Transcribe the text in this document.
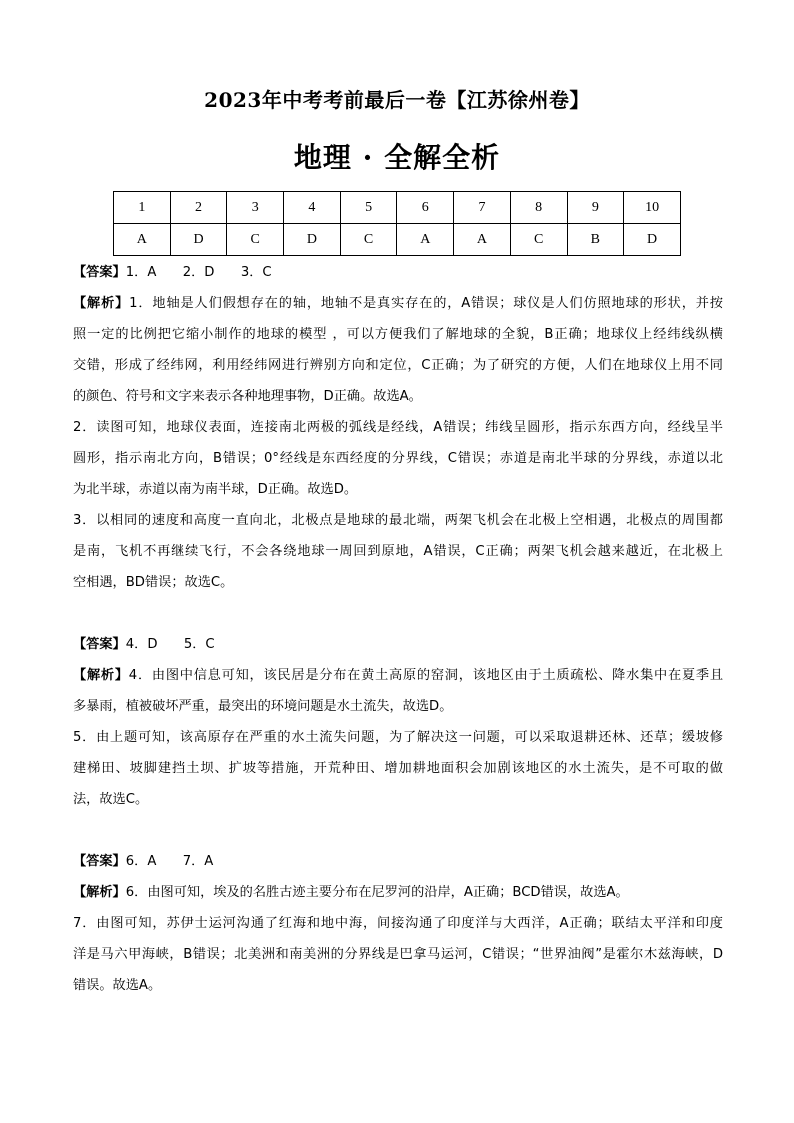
2023年中考考前最后一卷【江苏徐州卷】
地理 · 全解全析
1	2	3	4	5	6	7	8	9	10
A	D	C	D	C	A	A	C	B	D
【答案】1．A　　2．D　　3．C
【解析】1．地轴是人们假想存在的轴，地轴不是真实存在的，A错误；球仪是人们仿照地球的形状，并按
照一定的比例把它缩小制作的地球的模型 ，可以方便我们了解地球的全貌，B正确；地球仪上经纬线纵横
交错，形成了经纬网，利用经纬网进行辨别方向和定位，C正确；为了研究的方便，人们在地球仪上用不同
的颜色、符号和文字来表示各种地理事物，D正确。故选A。
2．读图可知，地球仪表面，连接南北两极的弧线是经线，A错误；纬线呈圆形，指示东西方向，经线呈半
圆形，指示南北方向，B错误；0°经线是东西经度的分界线，C错误；赤道是南北半球的分界线，赤道以北
为北半球，赤道以南为南半球，D正确。故选D。
3．以相同的速度和高度一直向北，北极点是地球的最北端，两架飞机会在北极上空相遇，北极点的周围都
是南，飞机不再继续飞行，不会各绕地球一周回到原地，A错误，C正确；两架飞机会越来越近，在北极上
空相遇，BD错误；故选C。
【答案】4．D　　5．C
【解析】4．由图中信息可知，该民居是分布在黄土高原的窑洞，该地区由于土质疏松、降水集中在夏季且
多暴雨，植被破坏严重，最突出的环境问题是水土流失，故选D。
5．由上题可知，该高原存在严重的水土流失问题，为了解决这一问题，可以采取退耕还林、还草；缓坡修
建梯田、坡脚建挡土坝、扩坡等措施，开荒种田、增加耕地面积会加剧该地区的水土流失，是不可取的做
法，故选C。
【答案】6．A　　7．A
【解析】6．由图可知，埃及的名胜古迹主要分布在尼罗河的沿岸，A正确；BCD错误，故选A。
7．由图可知，苏伊士运河沟通了红海和地中海，间接沟通了印度洋与大西洋，A正确；联结太平洋和印度
洋是马六甲海峡，B错误；北美洲和南美洲的分界线是巴拿马运河，C错误；“世界油阀”是霍尔木兹海峡，D
错误。故选A。
